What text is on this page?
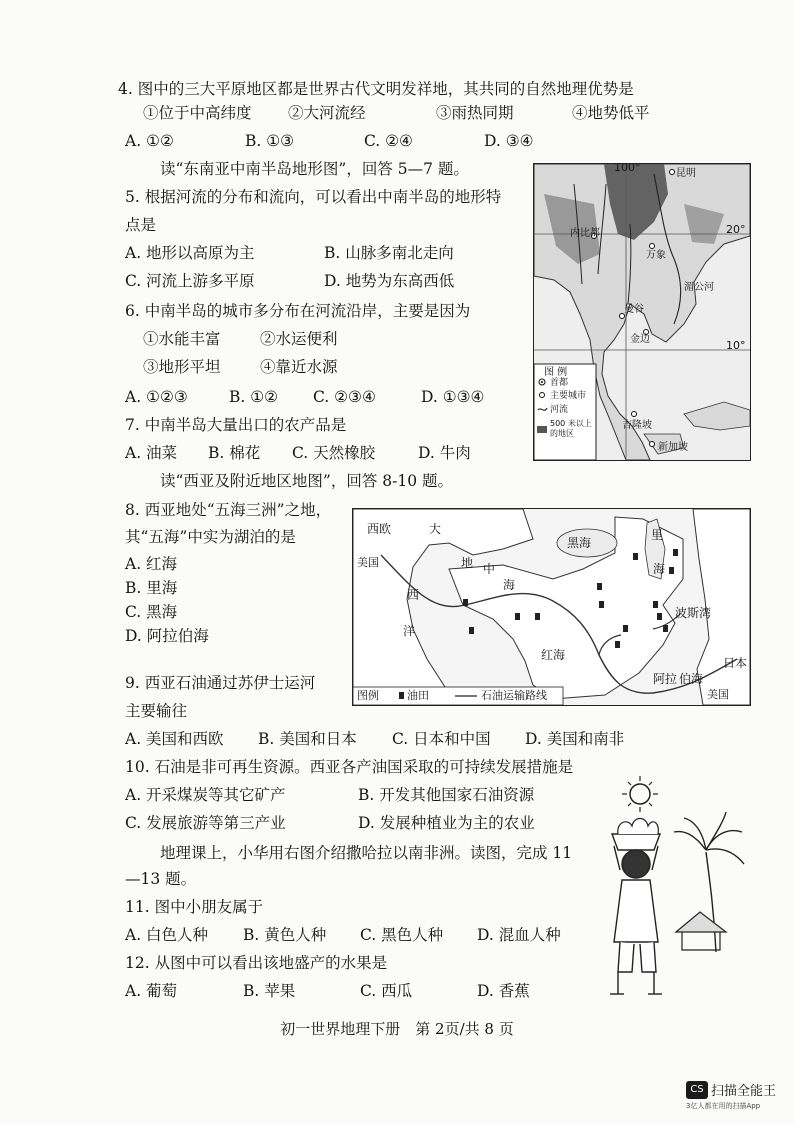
4. 图中的三大平原地区都是世界古代文明发祥地，其共同的自然地理优势是
①位于中高纬度 ②大河流经	③雨热同期	④地势低平
A. ①②	B. ①③	C. ②④	D. ③④
读“东南亚中南半岛地形图”，回答 5—7 题。
5. 根据河流的分布和流向，可以看出中南半岛的地形特
点是
A. 地形以高原为主	B. 山脉多南北走向
C. 河流上游多平原	D. 地势为东高西低
6. 中南半岛的城市多分布在河流沿岸，主要是因为
①水能丰富	②水运便利
③地形平坦	④靠近水源
A. ①②③	B. ①② C. ②③④	D. ①③④
7. 中南半岛大量出口的农产品是
A. 油菜 B. 棉花 C. 天然橡胶	D. 牛肉
读“西亚及附近地区地图”，回答 8-10 题。
8. 西亚地处“五海三洲”之地，
其“五海”中实为湖泊的是
A. 红海
B. 里海
C. 黑海
D. 阿拉伯海
9. 西亚石油通过苏伊士运河
主要输往
A. 美国和西欧 B. 美国和日本 C. 日本和中国 D. 美国和南非
10. 石油是非可再生资源。西亚各产油国采取的可持续发展措施是
A. 开采煤炭等其它矿产	B. 开发其他国家石油资源
C. 发展旅游等第三产业	D. 发展种植业为主的农业
地理课上，小华用右图介绍撒哈拉以南非洲。读图，完成 11
—13 题。
11. 图中小朋友属于
A. 白色人种 B. 黄色人种 C. 黑色人种 D. 混血人种
12. 从图中可以看出该地盛产的水果是
A. 葡萄	B. 苹果	C. 西瓜	D. 香蕉
100°
20°
10°
昆明
内比都
万象
曼谷
金边
吉隆坡
新加坡
湄公河
图 例
首都
主要城市
河流
500 米以上的地区
西欧	大
西
洋
美国	地 中
海
黑海
里
海
波斯湾
红海
阿拉 伯海
日本
美国
图例	油田	石油运输路线
初一世界地理下册　第 2页/共 8 页
CS 扫描全能王
3亿人都在用的扫描App
